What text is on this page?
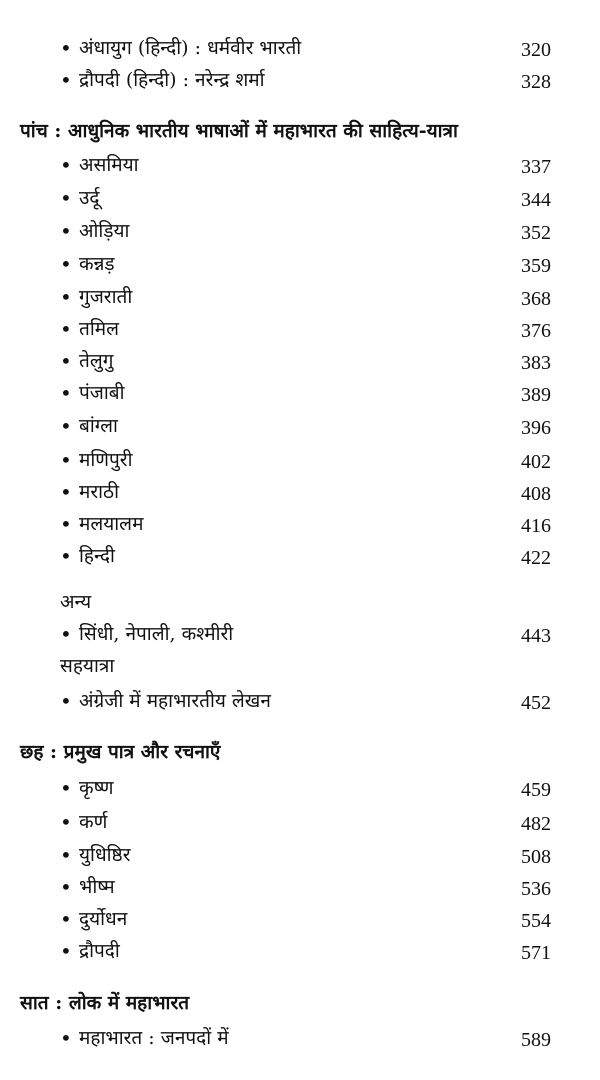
• अंधायुग (हिन्दी) : धर्मवीर भारती	320
• द्रौपदी (हिन्दी) : नरेन्द्र शर्मा	328
पांच : आधुनिक भारतीय भाषाओं में महाभारत की साहित्य-यात्रा
• असमिया	337
• उर्दू	344
• ओड़िया	352
• कन्नड़	359
• गुजराती	368
• तमिल	376
• तेलुगु	383
• पंजाबी	389
• बांग्ला	396
• मणिपुरी	402
• मराठी	408
• मलयालम	416
• हिन्दी	422
अन्य
• सिंधी, नेपाली, कश्मीरी	443
सहयात्रा
• अंग्रेजी में महाभारतीय लेखन	452
छह : प्रमुख पात्र और रचनाएँ
• कृष्ण	459
• कर्ण	482
• युधिष्ठिर	508
• भीष्म	536
• दुर्योधन	554
• द्रौपदी	571
सात : लोक में महाभारत
• महाभारत : जनपदों में	589
